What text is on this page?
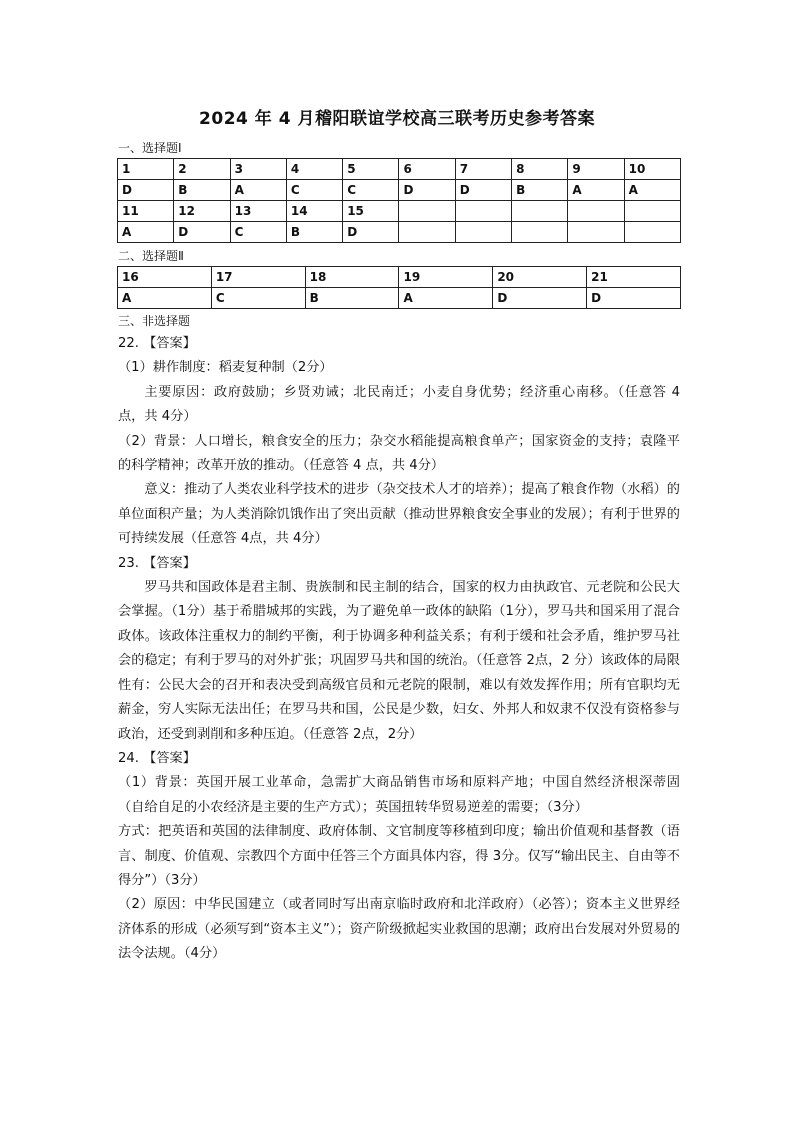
2024 年 4 月稽阳联谊学校高三联考历史参考答案
一、选择题Ⅰ
1	2	3	4	5	6	7	8	9	10
D	B	A	C	C	D	D	B	A	A
11	12	13	14	15					
A	D	C	B	D					
二、选择题Ⅱ
16	17	18	19	20	21
A	C	B	A	D	D
三、非选择题

22. 【答案】

（1）耕作制度：稻麦复种制（2分）

主要原因：政府鼓励；乡贤劝诫；北民南迁；小麦自身优势；经济重心南移。（任意答 4 点，共 4分）

（2）背景：人口增长，粮食安全的压力；杂交水稻能提高粮食单产；国家资金的支持；袁隆平的科学精神；改革开放的推动。（任意答 4 点，共 4分）

意义：推动了人类农业科学技术的进步（杂交技术人才的培养）；提高了粮食作物（水稻）的单位面积产量；为人类消除饥饿作出了突出贡献（推动世界粮食安全事业的发展）；有利于世界的可持续发展（任意答 4点，共 4分）

23. 【答案】

罗马共和国政体是君主制、贵族制和民主制的结合，国家的权力由执政官、元老院和公民大会掌握。（1分）基于希腊城邦的实践，为了避免单一政体的缺陷（1分），罗马共和国采用了混合政体。该政体注重权力的制约平衡，利于协调多种利益关系；有利于缓和社会矛盾，维护罗马社会的稳定；有利于罗马的对外扩张；巩固罗马共和国的统治。（任意答 2点，2 分）该政体的局限性有：公民大会的召开和表决受到高级官员和元老院的限制，难以有效发挥作用；所有官职均无薪金，穷人实际无法出任；在罗马共和国，公民是少数，妇女、外邦人和奴隶不仅没有资格参与政治，还受到剥削和多种压迫。（任意答 2点，2分）

24. 【答案】

（1）背景：英国开展工业革命，急需扩大商品销售市场和原料产地；中国自然经济根深蒂固（自给自足的小农经济是主要的生产方式）；英国扭转华贸易逆差的需要；（3分）

方式：把英语和英国的法律制度、政府体制、文官制度等移植到印度；输出价值观和基督教（语言、制度、价值观、宗教四个方面中任答三个方面具体内容，得 3分。仅写“输出民主、自由等不得分”）（3分）

（2）原因：中华民国建立（或者同时写出南京临时政府和北洋政府）（必答）；资本主义世界经济体系的形成（必须写到“资本主义”）；资产阶级掀起实业救国的思潮；政府出台发展对外贸易的法令法规。（4分）
